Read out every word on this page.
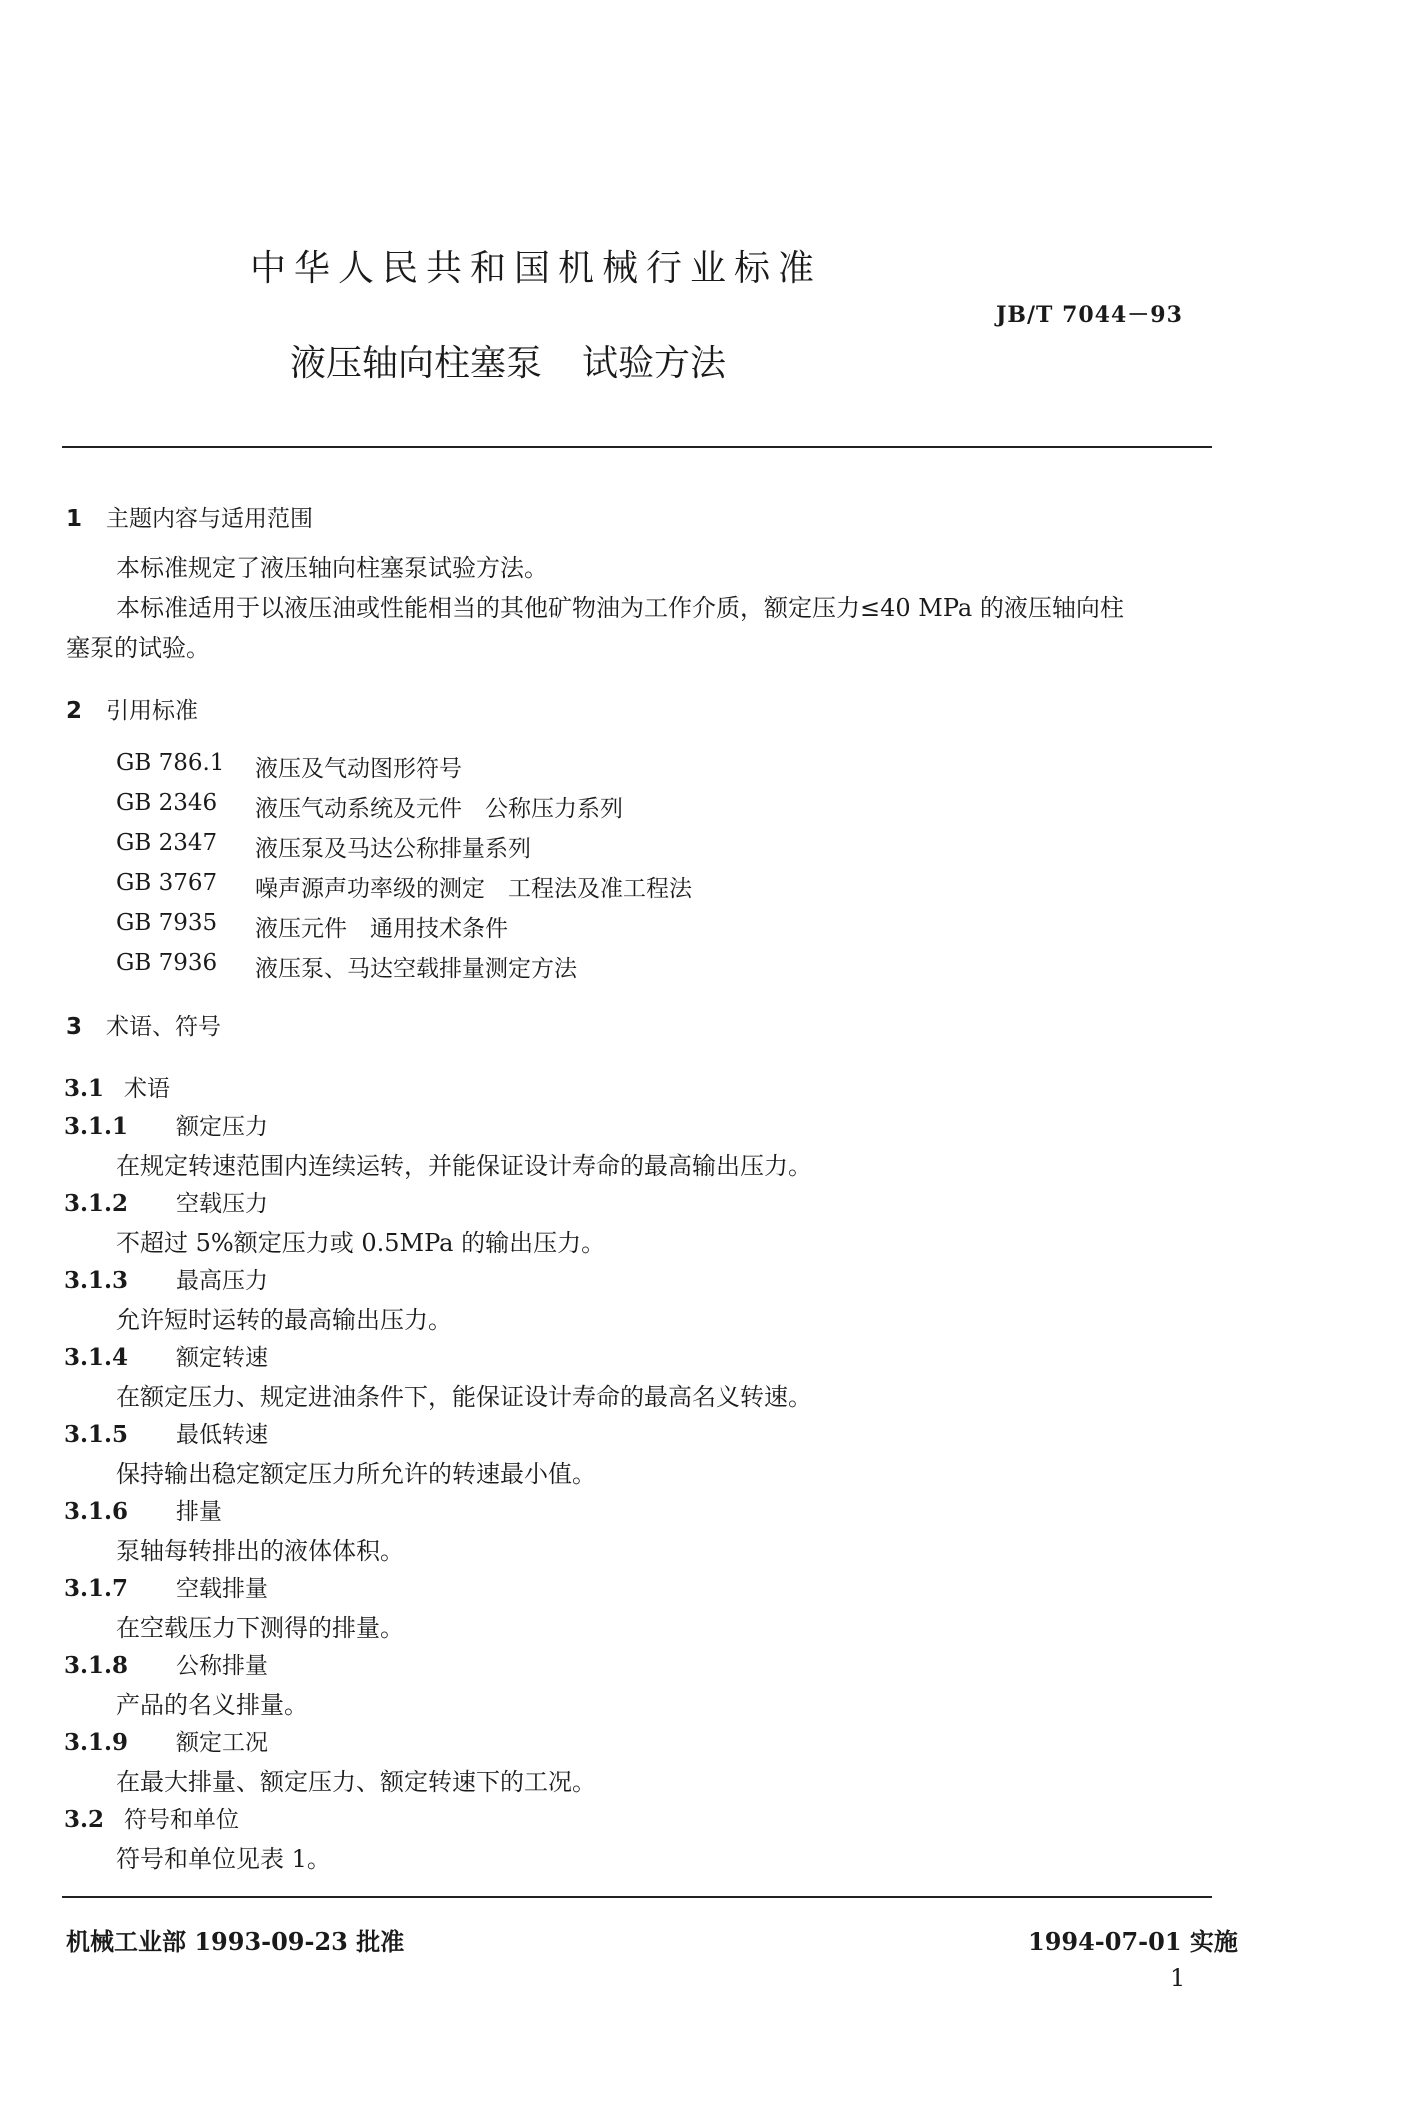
中华人民共和国机械行业标准
JB/T 7044－93
液压轴向柱塞泵 试验方法
1 主题内容与适用范围
本标准规定了液压轴向柱塞泵试验方法。
本标准适用于以液压油或性能相当的其他矿物油为工作介质，额定压力≤40 MPa 的液压轴向柱
塞泵的试验。
2 引用标准
GB 786.1 液压及气动图形符号
GB 2346 液压气动系统及元件　公称压力系列
GB 2347 液压泵及马达公称排量系列
GB 3767 噪声源声功率级的测定　工程法及准工程法
GB 7935 液压元件　通用技术条件
GB 7936 液压泵、马达空载排量测定方法
3 术语、符号
3.1 术语
3.1.1 额定压力
在规定转速范围内连续运转，并能保证设计寿命的最高输出压力。
3.1.2 空载压力
不超过 5%额定压力或 0.5MPa 的输出压力。
3.1.3 最高压力
允许短时运转的最高输出压力。
3.1.4 额定转速
在额定压力、规定进油条件下，能保证设计寿命的最高名义转速。
3.1.5 最低转速
保持输出稳定额定压力所允许的转速最小值。
3.1.6 排量
泵轴每转排出的液体体积。
3.1.7 空载排量
在空载压力下测得的排量。
3.1.8 公称排量
产品的名义排量。
3.1.9 额定工况
在最大排量、额定压力、额定转速下的工况。
3.2 符号和单位
符号和单位见表 1。
机械工业部 1993-09-23 批准	1994-07-01 实施
1
